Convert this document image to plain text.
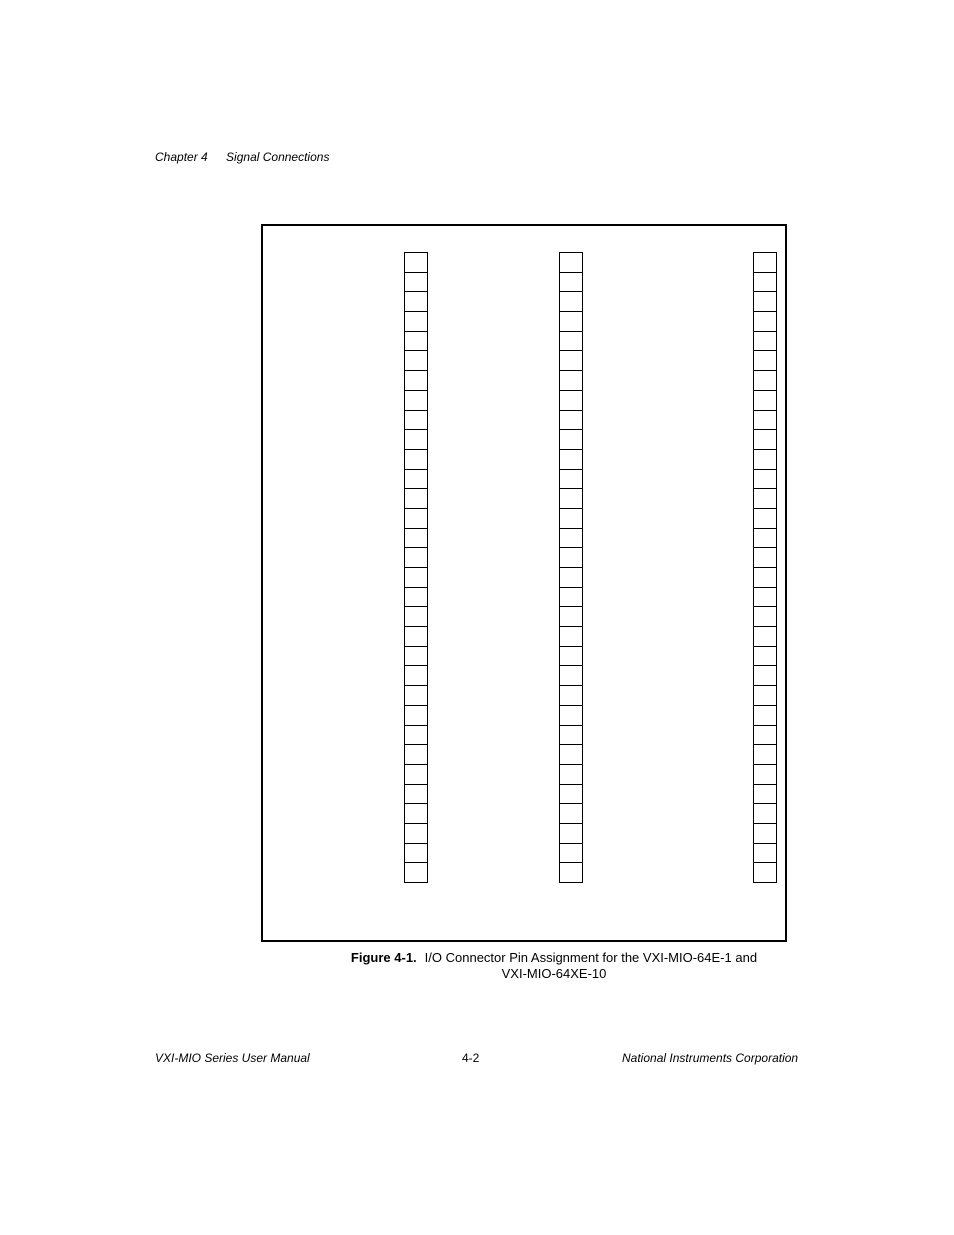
Chapter 4 Signal Connections
Figure 4-1. I/O Connector Pin Assignment for the VXI-MIO-64E-1 and
VXI-MIO-64XE-10
VXI-MIO Series User Manual	4-2	National Instruments Corporation
